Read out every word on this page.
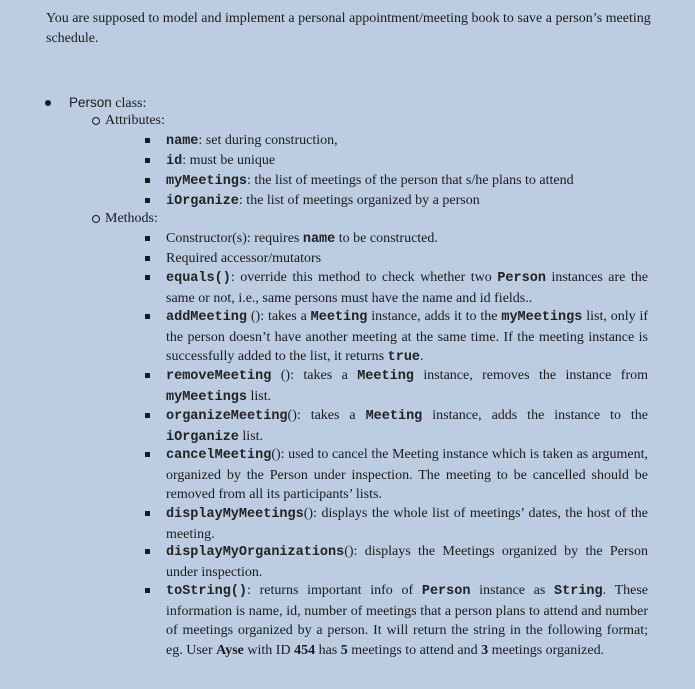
You are supposed to model and implement a personal appointment/meeting book to save a person’s meeting schedule.
Person class:
Attributes:
name: set during construction,
id: must be unique
myMeetings: the list of meetings of the person that s/he plans to attend
iOrganize: the list of meetings organized by a person
Methods:
Constructor(s): requires name to be constructed.
Required accessor/mutators
equals(): override this method to check whether two Person instances are the same or not, i.e., same persons must have the name and id fields..
addMeeting (): takes a Meeting instance, adds it to the myMeetings list, only if the person doesn’t have another meeting at the same time. If the meeting instance is successfully added to the list, it returns true.
removeMeeting (): takes a Meeting instance, removes the instance from myMeetings list.
organizeMeeting(): takes a Meeting instance, adds the instance to the iOrganize list.
cancelMeeting(): used to cancel the Meeting instance which is taken as argument, organized by the Person under inspection. The meeting to be cancelled should be removed from all its participants’ lists.
displayMyMeetings(): displays the whole list of meetings’ dates, the host of the meeting.
displayMyOrganizations(): displays the Meetings organized by the Person under inspection.
toString(): returns important info of Person instance as String. These information is name, id, number of meetings that a person plans to attend and number of meetings organized by a person. It will return the string in the following format; eg. User Ayse with ID 454 has 5 meetings to attend and 3 meetings organized.
